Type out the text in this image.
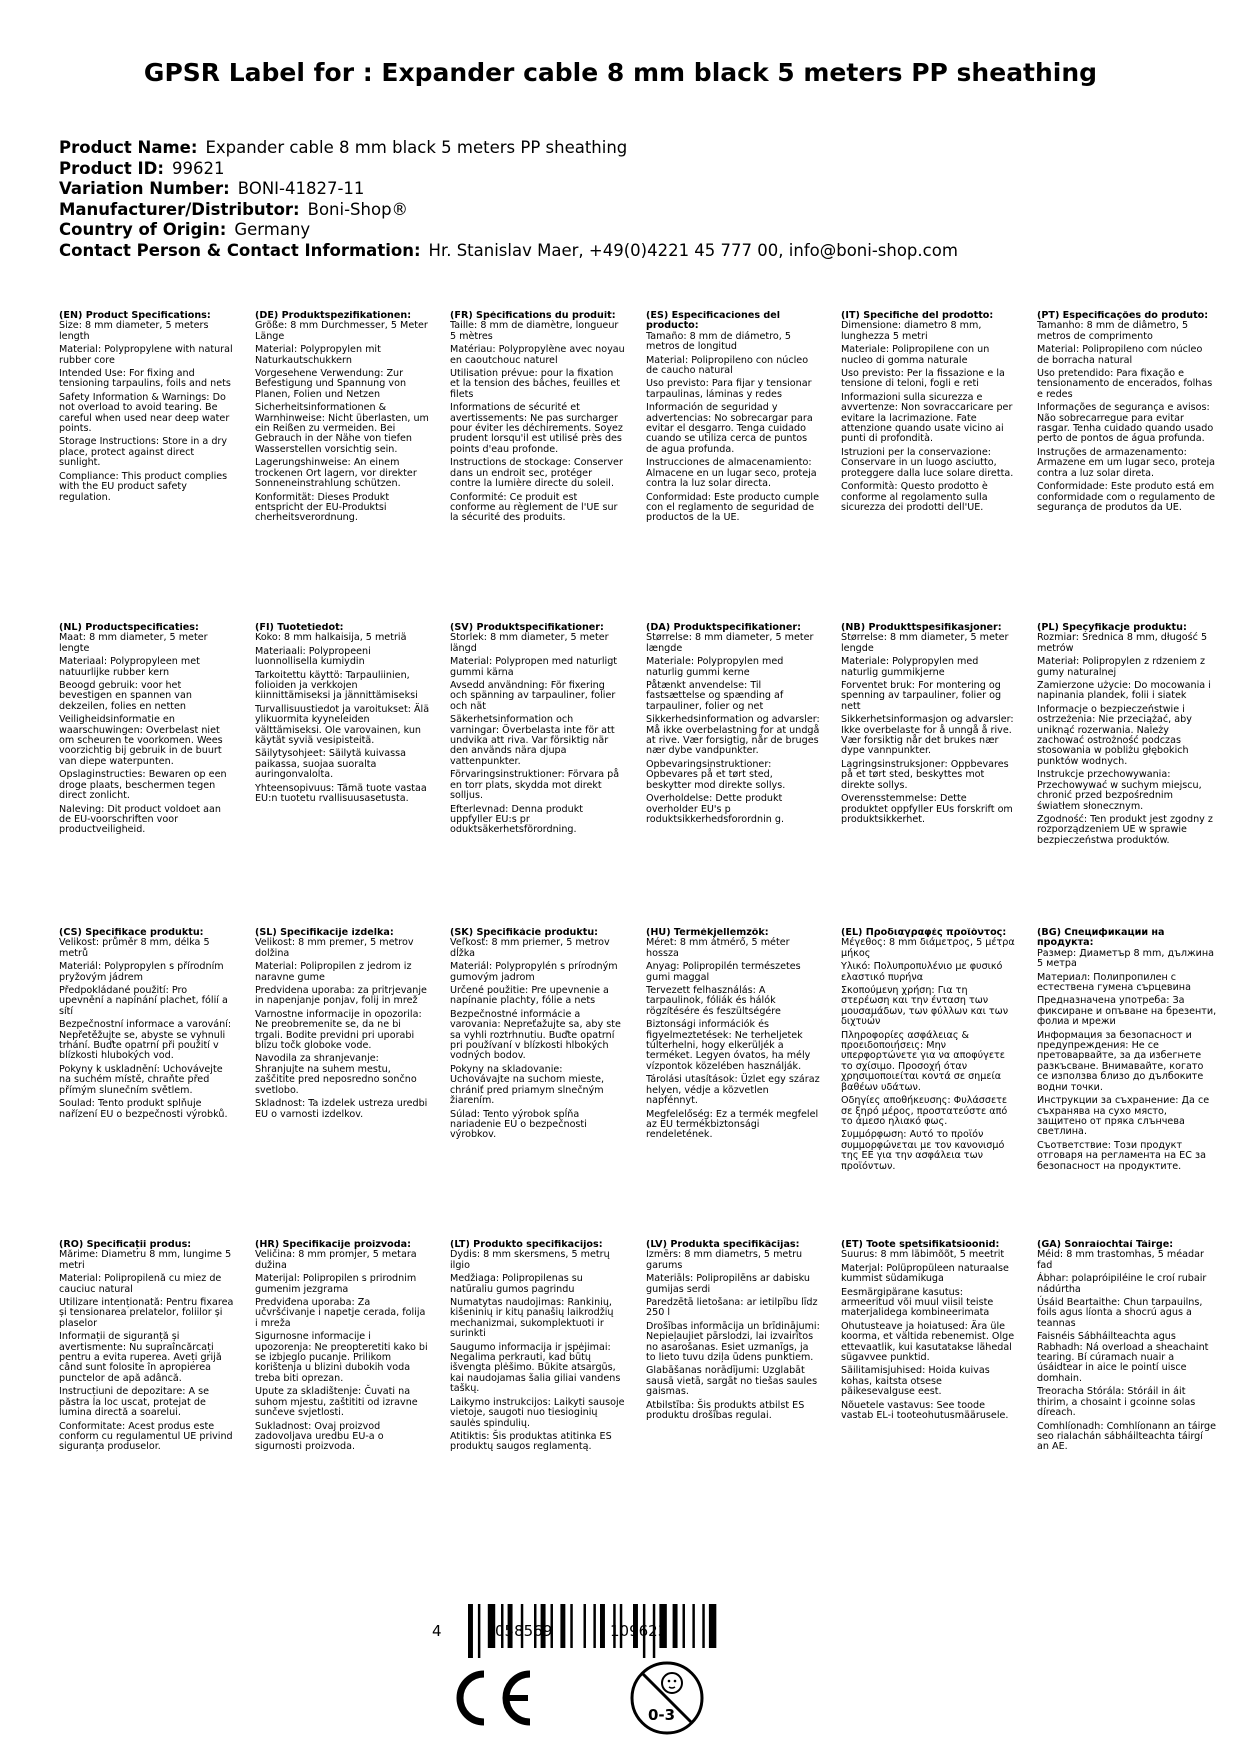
GPSR Label for : Expander cable 8 mm black 5 meters PP sheathing
Product Name: Expander cable 8 mm black 5 meters PP sheathing
Product ID: 99621
Variation Number: BONI-41827-11
Manufacturer/Distributor: Boni-Shop®
Country of Origin: Germany
Contact Person & Contact Information: Hr. Stanislav Maer, +49(0)4221 45 777 00, info@boni-shop.com
(EN) Product Specifications:
Size: 8 mm diameter, 5 meters length
Material: Polypropylene with natural rubber core
Intended Use: For fixing and tensioning tarpaulins, foils and nets
Safety Information & Warnings: Do not overload to avoid tearing. Be careful when used near deep water points.
Storage Instructions: Store in a dry place, protect against direct sunlight.
Compliance: This product complies with the EU product safety regulation.
(DE) Produktspezifikationen:
Größe: 8 mm Durchmesser, 5 Meter Länge
Material: Polypropylen mit Naturkautschukkern
Vorgesehene Verwendung: Zur Befestigung und Spannung von Planen, Folien und Netzen
Sicherheitsinformationen & Warnhinweise: Nicht überlasten, um ein Reißen zu vermeiden. Bei Gebrauch in der Nähe von tiefen Wasserstellen vorsichtig sein.
Lagerungshinweise: An einem trockenen Ort lagern, vor direkter Sonneneinstrahlung schützen.
Konformität: Dieses Produkt entspricht der EU-Produktsi cherheitsverordnung.
(FR) Spécifications du produit:
Taille: 8 mm de diamètre, longueur 5 mètres
Matériau: Polypropylène avec noyau en caoutchouc naturel
Utilisation prévue: pour la fixation et la tension des bâches, feuilles et filets
Informations de sécurité et avertissements: Ne pas surcharger pour éviter les déchirements. Soyez prudent lorsqu'il est utilisé près des points d'eau profonde.
Instructions de stockage: Conserver dans un endroit sec, protéger contre la lumière directe du soleil.
Conformité: Ce produit est conforme au règlement de l'UE sur la sécurité des produits.
(ES) Especificaciones del producto:
Tamaño: 8 mm de diámetro, 5 metros de longitud
Material: Polipropileno con núcleo de caucho natural
Uso previsto: Para fijar y tensionar tarpaulinas, láminas y redes
Información de seguridad y advertencias: No sobrecargar para evitar el desgarro. Tenga cuidado cuando se utiliza cerca de puntos de agua profunda.
Instrucciones de almacenamiento: Almacene en un lugar seco, proteja contra la luz solar directa.
Conformidad: Este producto cumple con el reglamento de seguridad de productos de la UE.
(IT) Specifiche del prodotto:
Dimensione: diametro 8 mm, lunghezza 5 metri
Materiale: Polipropilene con un nucleo di gomma naturale
Uso previsto: Per la fissazione e la tensione di teloni, fogli e reti
Informazioni sulla sicurezza e avvertenze: Non sovraccaricare per evitare la lacrimazione. Fate attenzione quando usate vicino ai punti di profondità.
Istruzioni per la conservazione: Conservare in un luogo asciutto, proteggere dalla luce solare diretta.
Conformità: Questo prodotto è conforme al regolamento sulla sicurezza dei prodotti dell'UE.
(PT) Especificações do produto:
Tamanho: 8 mm de diâmetro, 5 metros de comprimento
Material: Polipropileno com núcleo de borracha natural
Uso pretendido: Para fixação e tensionamento de encerados, folhas e redes
Informações de segurança e avisos: Não sobrecarregue para evitar rasgar. Tenha cuidado quando usado perto de pontos de água profunda.
Instruções de armazenamento: Armazene em um lugar seco, proteja contra a luz solar direta.
Conformidade: Este produto está em conformidade com o regulamento de segurança de produtos da UE.
(NL) Productspecificaties:
Maat: 8 mm diameter, 5 meter lengte
Materiaal: Polypropyleen met natuurlijke rubber kern
Beoogd gebruik: voor het bevestigen en spannen van dekzeilen, folies en netten
Veiligheidsinformatie en waarschuwingen: Overbelast niet om scheuren te voorkomen. Wees voorzichtig bij gebruik in de buurt van diepe waterpunten.
Opslaginstructies: Bewaren op een droge plaats, beschermen tegen direct zonlicht.
Naleving: Dit product voldoet aan de EU-voorschriften voor productveiligheid.
(FI) Tuotetiedot:
Koko: 8 mm halkaisija, 5 metriä
Materiaali: Polypropeeni luonnollisella kumiydin
Tarkoitettu käyttö: Tarpauliinien, folioiden ja verkkojen kiinnittämiseksi ja jännittämiseksi
Turvallisuustiedot ja varoitukset: Älä ylikuormita kyyneleiden välttämiseksi. Ole varovainen, kun käytät syviä vesipisteitä.
Säilytysohjeet: Säilytä kuivassa paikassa, suojaa suoralta auringonvalolta.
Yhteensopivuus: Tämä tuote vastaa EU:n tuotetu rvallisuusasetusta.
(SV) Produktspecifikationer:
Storlek: 8 mm diameter, 5 meter längd
Material: Polypropen med naturligt gummi kärna
Avsedd användning: För fixering och spänning av tarpauliner, folier och nät
Säkerhetsinformation och varningar: Överbelasta inte för att undvika att riva. Var försiktig när den används nära djupa vattenpunkter.
Förvaringsinstruktioner: Förvara på en torr plats, skydda mot direkt solljus.
Efterlevnad: Denna produkt uppfyller EU:s pr oduktsäkerhetsförordning.
(DA) Produktspecifikationer:
Størrelse: 8 mm diameter, 5 meter længde
Materiale: Polypropylen med naturlig gummi kerne
Påtænkt anvendelse: Til fastsættelse og spænding af tarpauliner, folier og net
Sikkerhedsinformation og advarsler: Må ikke overbelastning for at undgå at rive. Vær forsigtig, når de bruges nær dybe vandpunkter.
Opbevaringsinstruktioner: Opbevares på et tørt sted, beskytter mod direkte sollys.
Overholdelse: Dette produkt overholder EU's p roduktsikkerhedsforordnin g.
(NB) Produkttspesifikasjoner:
Størrelse: 8 mm diameter, 5 meter lengde
Materiale: Polypropylen med naturlig gummikjerne
Forventet bruk: For montering og spenning av tarpauliner, folier og nett
Sikkerhetsinformasjon og advarsler: Ikke overbelaste for å unngå å rive. Vær forsiktig når det brukes nær dype vannpunkter.
Lagringsinstruksjoner: Oppbevares på et tørt sted, beskyttes mot direkte sollys.
Overensstemmelse: Dette produktet oppfyller EUs forskrift om produktsikkerhet.
(PL) Specyfikacje produktu:
Rozmiar: Średnica 8 mm, długość 5 metrów
Materiał: Polipropylen z rdzeniem z gumy naturalnej
Zamierzone użycie: Do mocowania i napinania plandek, folii i siatek
Informacje o bezpieczeństwie i ostrzeżenia: Nie przeciążać, aby uniknąć rozerwania. Należy zachować ostrożność podczas stosowania w pobliżu głębokich punktów wodnych.
Instrukcje przechowywania: Przechowywać w suchym miejscu, chronić przed bezpośrednim światłem słonecznym.
Zgodność: Ten produkt jest zgodny z rozporządzeniem UE w sprawie bezpieczeństwa produktów.
(CS) Specifikace produktu:
Velikost: průměr 8 mm, délka 5 metrů
Materiál: Polypropylen s přírodním pryžovým jádrem
Předpokládané použití: Pro upevnění a napínání plachet, fólií a sítí
Bezpečnostní informace a varování: Nepřetěžujte se, abyste se vyhnuli trhání. Buďte opatrní při použití v blízkosti hlubokých vod.
Pokyny k uskladnění: Uchovávejte na suchém místě, chraňte před přímým slunečním světlem.
Soulad: Tento produkt splňuje nařízení EU o bezpečnosti výrobků.
(SL) Specifikacije izdelka:
Velikost: 8 mm premer, 5 metrov dolžina
Material: Polipropilen z jedrom iz naravne gume
Predvidena uporaba: za pritrjevanje in napenjanje ponjav, folij in mrež
Varnostne informacije in opozorila: Ne preobremenite se, da ne bi trgali. Bodite previdni pri uporabi blizu točk globoke vode.
Navodila za shranjevanje: Shranjujte na suhem mestu, zaščitite pred neposredno sončno svetlobo.
Skladnost: Ta izdelek ustreza uredbi EU o varnosti izdelkov.
(SK) Špecifikácie produktu:
Veľkosť: 8 mm priemer, 5 metrov dĺžka
Materiál: Polypropylén s prírodným gumovým jadrom
Určené použitie: Pre upevnenie a napínanie plachty, fólie a nets
Bezpečnostné informácie a varovania: Nepreťažujte sa, aby ste sa vyhli roztrhnutiu. Buďte opatrní pri používaní v blízkosti hlbokých vodných bodov.
Pokyny na skladovanie: Uchovávajte na suchom mieste, chrániť pred priamym slnečným žiarením.
Súlad: Tento výrobok spĺňa nariadenie EÚ o bezpečnosti výrobkov.
(HU) Termékjellemzők:
Méret: 8 mm átmérő, 5 méter hossza
Anyag: Polipropilén természetes gumi maggal
Tervezett felhasználás: A tarpaulinok, fóliák és hálók rögzítésére és feszültségére
Biztonsági információk és figyelmeztetések: Ne terheljetek túlterhelni, hogy elkerüljék a terméket. Legyen óvatos, ha mély vízpontok közelében használják.
Tárolási utasítások: Üzlet egy száraz helyen, védje a közvetlen napfénnyt.
Megfelelőség: Ez a termék megfelel az EU termékbiztonsági rendeletének.
(EL) Προδιαγραφές προϊόντος:
Μέγεθος: 8 mm διάμετρος, 5 μέτρα μήκος
Υλικό: Πολυπροπυλένιο με φυσικό ελαστικό πυρήνα
Σκοπούμενη χρήση: Για τη στερέωση και την ένταση των μουσαμάδων, των φύλλων και των διχτυών
Πληροφορίες ασφάλειας & προειδοποιήσεις: Μην υπερφορτώνετε για να αποφύγετε το σχίσιμο. Προσοχή όταν χρησιμοποιείται κοντά σε σημεία βαθέων υδάτων.
Οδηγίες αποθήκευσης: Φυλάσσετε σε ξηρό μέρος, προστατεύστε από το άμεσο ηλιακό φως.
Συμμόρφωση: Αυτό το προϊόν συμμορφώνεται με τον κανονισμό της ΕΕ για την ασφάλεια των προϊόντων.
(BG) Спецификации на продукта:
Размер: Диаметър 8 mm, дължина 5 метра
Материал: Полипропилен с естествена гумена сърцевина
Предназначена употреба: За фиксиране и опъване на брезенти, фолиа и мрежи
Информация за безопасност и предупреждения: Не се претоварвайте, за да избегнете разкъсване. Внимавайте, когато се използва близо до дълбоките водни точки.
Инструкции за съхранение: Да се съхранява на сухо място, защитено от пряка слънчева светлина.
Съответствие: Този продукт отговаря на регламента на ЕС за безопасност на продуктите.
(RO) Specificații produs:
Mărime: Diametru 8 mm, lungime 5 metri
Material: Polipropilenă cu miez de cauciuc natural
Utilizare intenționată: Pentru fixarea și tensionarea prelatelor, foliilor și plaselor
Informații de siguranță și avertismente: Nu supraîncărcați pentru a evita ruperea. Aveți grijă când sunt folosite în apropierea punctelor de apă adâncă.
Instrucțiuni de depozitare: A se păstra la loc uscat, protejat de lumina directă a soarelui.
Conformitate: Acest produs este conform cu regulamentul UE privind siguranța produselor.
(HR) Specifikacije proizvoda:
Veličina: 8 mm promjer, 5 metara dužina
Materijal: Polipropilen s prirodnim gumenim jezgrama
Predviđena uporaba: Za učvršćivanje i napetje cerada, folija i mreža
Sigurnosne informacije i upozorenja: Ne preopteretiti kako bi se izbjeglo pucanje. Prilikom korištenja u blizini dubokih voda treba biti oprezan.
Upute za skladištenje: Čuvati na suhom mjestu, zaštititi od izravne sunčeve svjetlosti.
Sukladnost: Ovaj proizvod zadovoljava uredbu EU-a o sigurnosti proizvoda.
(LT) Produkto specifikacijos:
Dydis: 8 mm skersmens, 5 metrų ilgio
Medžiaga: Polipropilenas su natūraliu gumos pagrindu
Numatytas naudojimas: Rankinių, kišeninių ir kitų panašių laikrodžių mechanizmai, sukomplektuoti ir surinkti
Saugumo informacija ir įspėjimai: Negalima perkrauti, kad būtų išvengta plėšimo. Būkite atsargūs, kai naudojamas šalia giliai vandens taškų.
Laikymo instrukcijos: Laikyti sausoje vietoje, saugoti nuo tiesioginių saulės spindulių.
Atitiktis: Šis produktas atitinka ES produktų saugos reglamentą.
(LV) Produkta specifikācijas:
Izmērs: 8 mm diametrs, 5 metru garums
Materiāls: Polipropilēns ar dabisku gumijas serdi
Paredzētā lietošana: ar ietilpību līdz 250 l
Drošības informācija un brīdinājumi: Nepieļaujiet pārslodzi, lai izvairītos no asarošanas. Esiet uzmanīgs, ja to lieto tuvu dziļa ūdens punktiem.
Glabāšanas norādījumi: Uzglabāt sausā vietā, sargāt no tiešas saules gaismas.
Atbilstība: Šis produkts atbilst ES produktu drošības regulai.
(ET) Toote spetsifikatsioonid:
Suurus: 8 mm läbimõõt, 5 meetrit
Materjal: Polüpropüleen naturaalse kummist südamikuga
Eesmärgipärane kasutus: armeeritud või muul viisil teiste materjalidega kombineerimata
Ohutusteave ja hoiatused: Ära üle koorma, et vältida rebenemist. Olge ettevaatlik, kui kasutatakse lähedal sügavvee punktid.
Säilitamisjuhised: Hoida kuivas kohas, kaitsta otsese päikesevalguse eest.
Nõuetele vastavus: See toode vastab EL-i tooteohutusmäärusele.
(GA) Sonraíochtaí Táirge:
Méid: 8 mm trastomhas, 5 méadar fad
Ábhar: polapróipiléine le croí rubair nádúrtha
Úsáid Beartaithe: Chun tarpauilns, foils agus líonta a shocrú agus a teannas
Faisnéis Sábháilteachta agus Rabhadh: Ná overload a sheachaint tearing. Bí cúramach nuair a úsáidtear in aice le pointí uisce domhain.
Treoracha Stórála: Stóráil in áit thirim, a chosaint i gcoinne solas díreach.
Comhlíonadh: Comhlíonann an táirge seo rialachán sábháilteachta táirgí an AE.
4	058569	109623
0-3
